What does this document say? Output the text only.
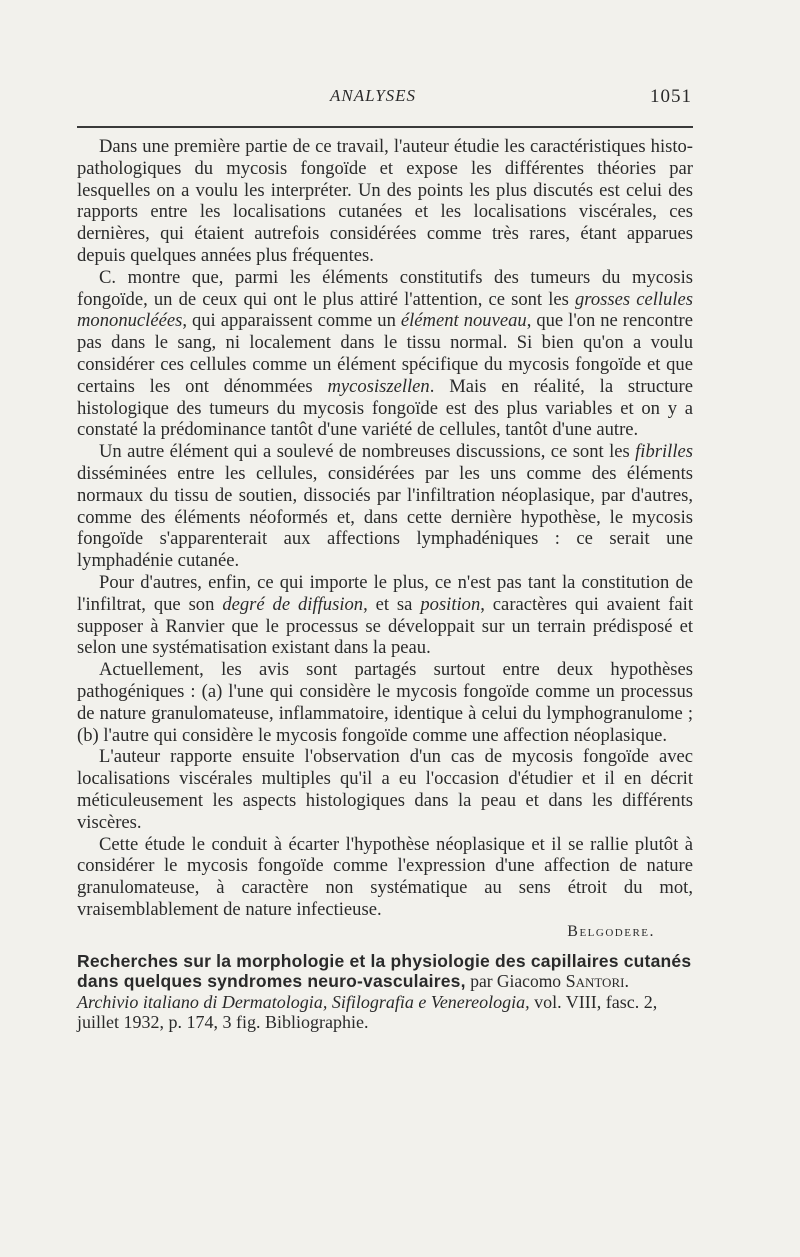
ANALYSES	1051

Dans une première partie de ce travail, l'auteur étudie les caractéristiques histo-pathologiques du mycosis fongoïde et expose les différentes théories par lesquelles on a voulu les interpréter. Un des points les plus discutés est celui des rapports entre les localisations cutanées et les localisations viscérales, ces dernières, qui étaient autrefois considérées comme très rares, étant apparues depuis quelques années plus fréquentes.

C. montre que, parmi les éléments constitutifs des tumeurs du mycosis fongoïde, un de ceux qui ont le plus attiré l'attention, ce sont les grosses cellules mononucléées, qui apparaissent comme un élément nouveau, que l'on ne rencontre pas dans le sang, ni localement dans le tissu normal. Si bien qu'on a voulu considérer ces cellules comme un élément spécifique du mycosis fongoïde et que certains les ont dénommées mycosiszellen. Mais en réalité, la structure histologique des tumeurs du mycosis fongoïde est des plus variables et on y a constaté la prédominance tantôt d'une variété de cellules, tantôt d'une autre.

Un autre élément qui a soulevé de nombreuses discussions, ce sont les fibrilles disséminées entre les cellules, considérées par les uns comme des éléments normaux du tissu de soutien, dissociés par l'infiltration néoplasique, par d'autres, comme des éléments néoformés et, dans cette dernière hypothèse, le mycosis fongoïde s'apparenterait aux affections lymphadéniques : ce serait une lymphadénie cutanée.

Pour d'autres, enfin, ce qui importe le plus, ce n'est pas tant la constitution de l'infiltrat, que son degré de diffusion, et sa position, caractères qui avaient fait supposer à Ranvier que le processus se développait sur un terrain prédisposé et selon une systématisation existant dans la peau.

Actuellement, les avis sont partagés surtout entre deux hypothèses pathogéniques : (a) l'une qui considère le mycosis fongoïde comme un processus de nature granulomateuse, inflammatoire, identique à celui du lymphogranulome ; (b) l'autre qui considère le mycosis fongoïde comme une affection néoplasique.

L'auteur rapporte ensuite l'observation d'un cas de mycosis fongoïde avec localisations viscérales multiples qu'il a eu l'occasion d'étudier et il en décrit méticuleusement les aspects histologiques dans la peau et dans les différents viscères.

Cette étude le conduit à écarter l'hypothèse néoplasique et il se rallie plutôt à considérer le mycosis fongoïde comme l'expression d'une affection de nature granulomateuse, à caractère non systématique au sens étroit du mot, vraisemblablement de nature infectieuse.

Belgodere.

Recherches sur la morphologie et la physiologie des capillaires cutanés dans quelques syndromes neuro-vasculaires, par Giacomo Santori. Archivio italiano di Dermatologia, Sifilografia e Venereologia, vol. VIII, fasc. 2, juillet 1932, p. 174, 3 fig. Bibliographie.
